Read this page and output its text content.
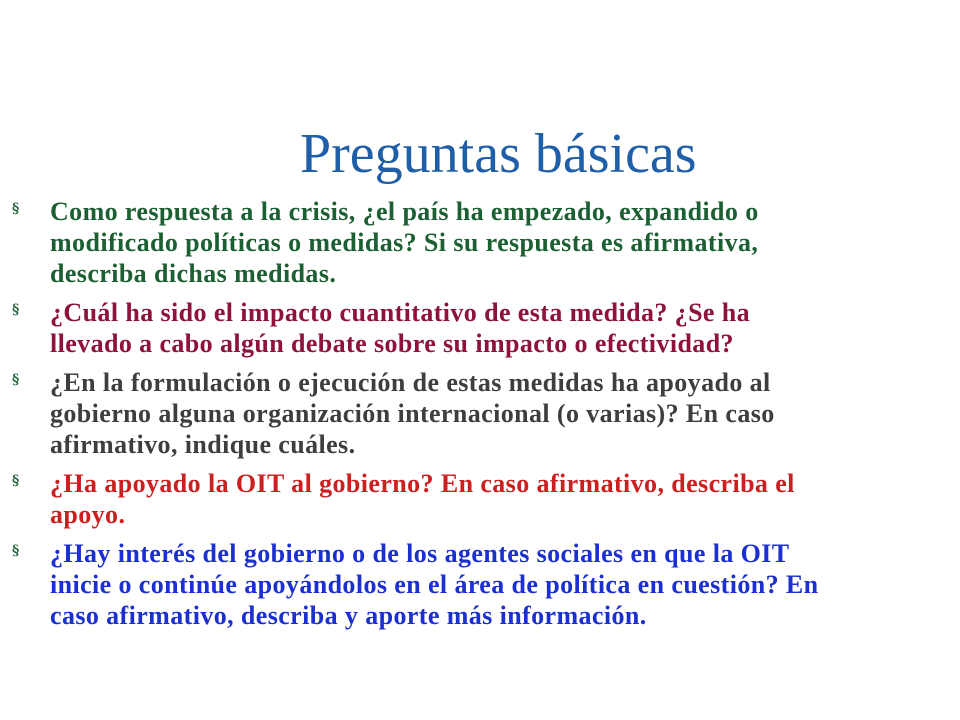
Preguntas básicas
§ Como respuesta a la crisis, ¿el país ha empezado, expandido o
modificado políticas o medidas? Si su respuesta es afirmativa,
describa dichas medidas.
§ ¿Cuál ha sido el impacto cuantitativo de esta medida? ¿Se ha
llevado a cabo algún debate sobre su impacto o efectividad?
§ ¿En la formulación o ejecución de estas medidas ha apoyado al
gobierno alguna organización internacional (o varias)? En caso
afirmativo, indique cuáles.
§ ¿Ha apoyado la OIT al gobierno? En caso afirmativo, describa el
apoyo.
§ ¿Hay interés del gobierno o de los agentes sociales en que la OIT
inicie o continúe apoyándolos en el área de política en cuestión? En
caso afirmativo, describa y aporte más información.
